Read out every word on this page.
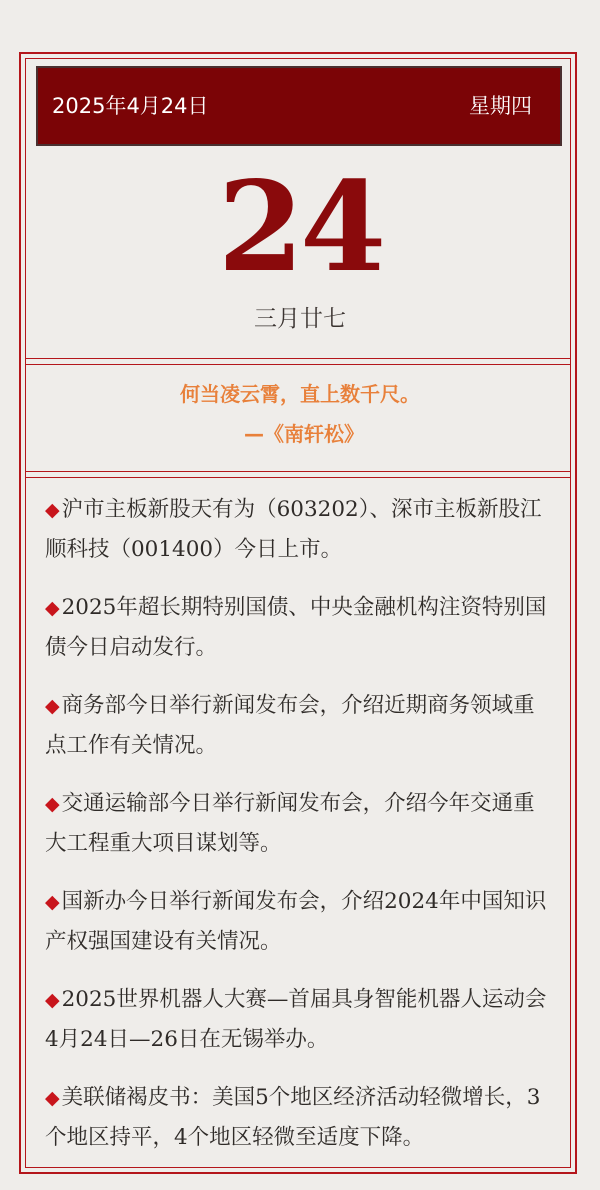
2025年4月24日	星期四
24
三月廿七
何当凌云霄，直上数千尺。
—《南轩松》
◆沪市主板新股天有为（603202）、深市主板新股江顺科技（001400）今日上市。
◆2025年超长期特别国债、中央金融机构注资特别国债今日启动发行。
◆商务部今日举行新闻发布会，介绍近期商务领域重点工作有关情况。
◆交通运输部今日举行新闻发布会，介绍今年交通重大工程重大项目谋划等。
◆国新办今日举行新闻发布会，介绍2024年中国知识产权强国建设有关情况。
◆2025世界机器人大赛—首届具身智能机器人运动会4月24日—26日在无锡举办。
◆美联储褐皮书：美国5个地区经济活动轻微增长，3个地区持平，4个地区轻微至适度下降。
